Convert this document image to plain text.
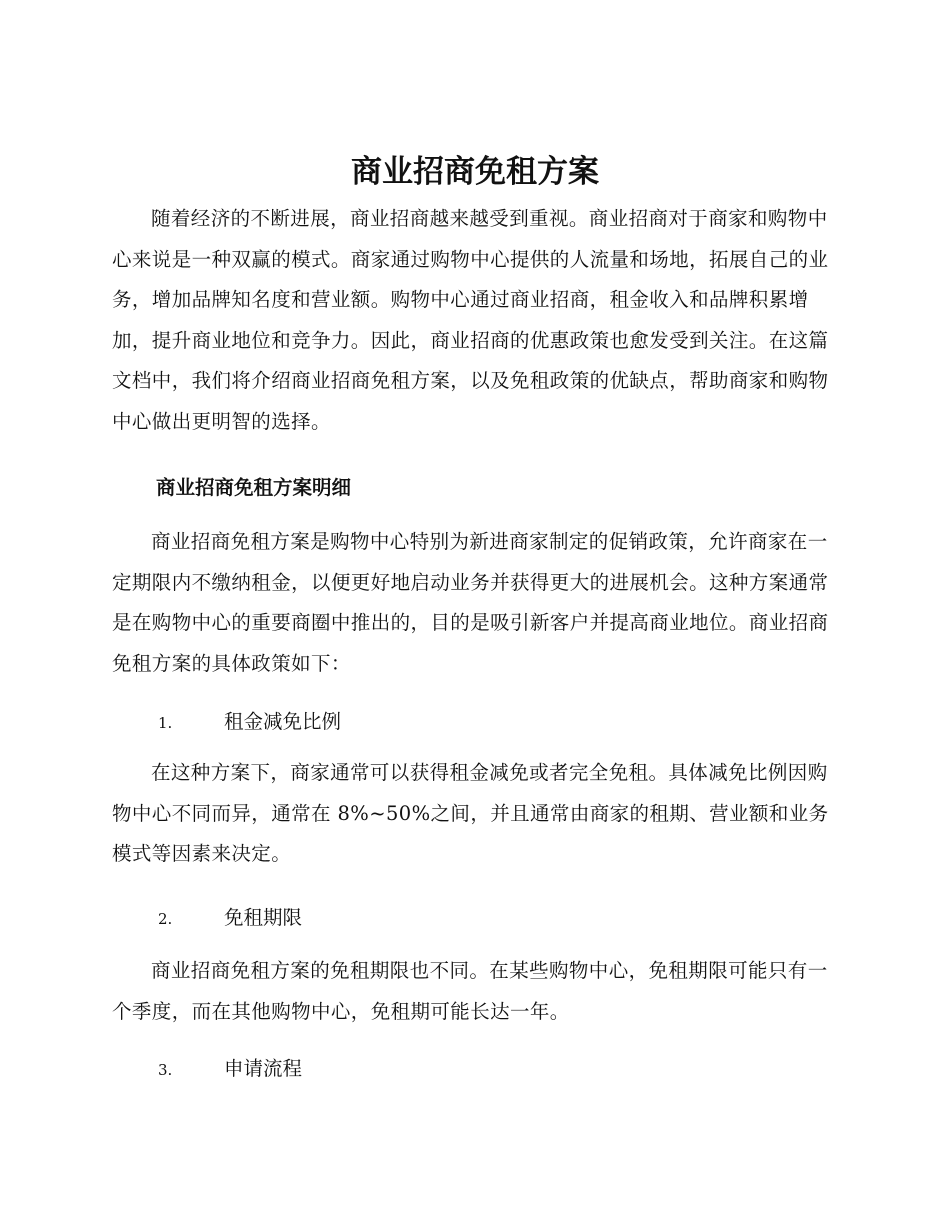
商业招商免租方案

随着经济的不断进展，商业招商越来越受到重视。商业招商对于商家和购物中心来说是一种双赢的模式。商家通过购物中心提供的人流量和场地，拓展自己的业务，增加品牌知名度和营业额。购物中心通过商业招商，租金收入和品牌积累增加，提升商业地位和竞争力。因此，商业招商的优惠政策也愈发受到关注。在这篇文档中，我们将介绍商业招商免租方案，以及免租政策的优缺点，帮助商家和购物中心做出更明智的选择。

商业招商免租方案明细

商业招商免租方案是购物中心特别为新进商家制定的促销政策，允许商家在一定期限内不缴纳租金，以便更好地启动业务并获得更大的进展机会。这种方案通常是在购物中心的重要商圈中推出的，目的是吸引新客户并提高商业地位。商业招商免租方案的具体政策如下：

1.	租金减免比例

在这种方案下，商家通常可以获得租金减免或者完全免租。具体减免比例因购物中心不同而异，通常在 8%~50%之间，并且通常由商家的租期、营业额和业务模式等因素来决定。

2.	免租期限

商业招商免租方案的免租期限也不同。在某些购物中心，免租期限可能只有一个季度，而在其他购物中心，免租期可能长达一年。

3.	申请流程
